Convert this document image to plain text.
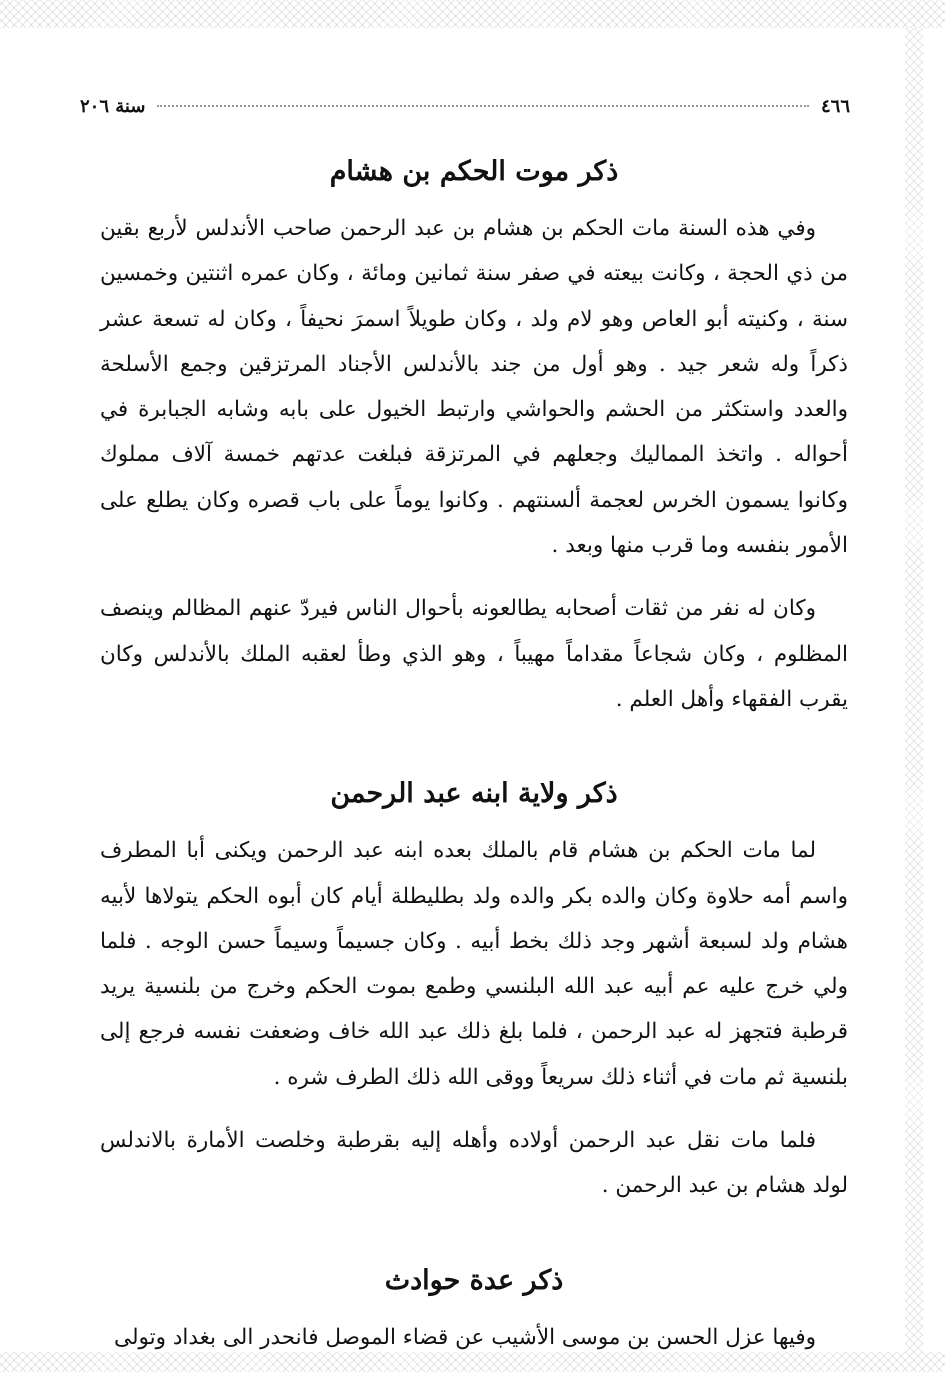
٤٦٦
سنة ٢٠٦
ذكر موت الحكم بن هشام

وفي هذه السنة مات الحكم بن هشام بن عبد الرحمن صاحب الأندلس لأربع بقين من ذي الحجة ، وكانت بيعته في صفر سنة ثمانين ومائة ، وكان عمره اثنتين وخمسين سنة ، وكنيته أبو العاص وهو لام ولد ، وكان طويلاً اسمرَ نحيفاً ، وكان له تسعة عشر ذكراً وله شعر جيد . وهو أول من جند بالأندلس الأجناد المرتزقين وجمع الأسلحة والعدد واستكثر من الحشم والحواشي وارتبط الخيول على بابه وشابه الجبابرة في أحواله . واتخذ المماليك وجعلهم في المرتزقة فبلغت عدتهم خمسة آلاف مملوك وكانوا يسمون الخرس لعجمة ألسنتهم . وكانوا يوماً على باب قصره وكان يطلع على الأمور بنفسه وما قرب منها وبعد .

وكان له نفر من ثقات أصحابه يطالعونه بأحوال الناس فيردّ عنهم المظالم وينصف المظلوم ، وكان شجاعاً مقداماً مهيباً ، وهو الذي وطأ لعقبه الملك بالأندلس وكان يقرب الفقهاء وأهل العلم .

ذكر ولاية ابنه عبد الرحمن

لما مات الحكم بن هشام قام بالملك بعده ابنه عبد الرحمن ويكنى أبا المطرف واسم أمه حلاوة وكان والده بكر والده ولد بطليطلة أيام كان أبوه الحكم يتولاها لأبيه هشام ولد لسبعة أشهر وجد ذلك بخط أبيه . وكان جسيماً وسيماً حسن الوجه . فلما ولي خرج عليه عم أبيه عبد الله البلنسي وطمع بموت الحكم وخرج من بلنسية يريد قرطبة فتجهز له عبد الرحمن ، فلما بلغ ذلك عبد الله خاف وضعفت نفسه فرجع إلى بلنسية ثم مات في أثناء ذلك سريعاً ووقى الله ذلك الطرف شره .

فلما مات نقل عبد الرحمن أولاده وأهله إليه بقرطبة وخلصت الأمارة بالاندلس لولد هشام بن عبد الرحمن .

ذكر عدة حوادث

وفيها عزل الحسن بن موسى الأشيب عن قضاء الموصل فانحدر الى بغداد وتولى
